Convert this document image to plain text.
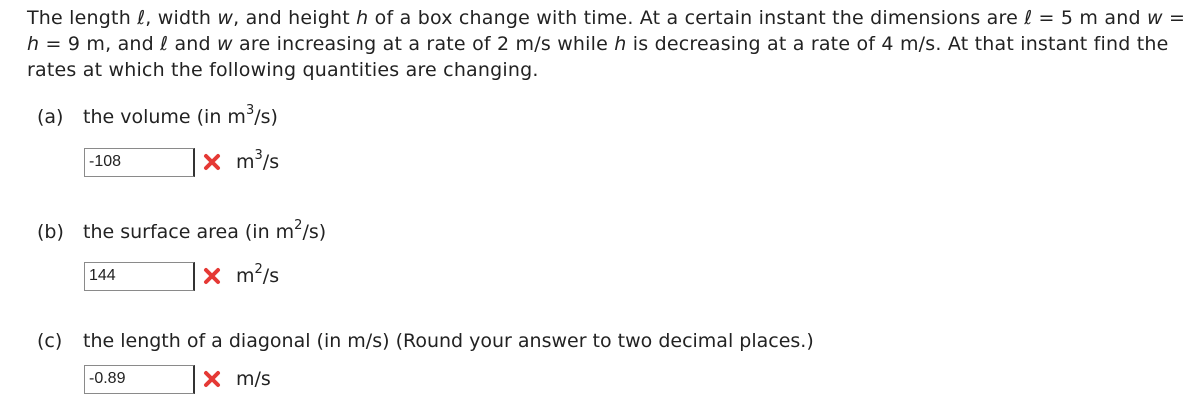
The length ℓ, width w, and height h of a box change with time. At a certain instant the dimensions are ℓ = 5 m and w = h = 9 m, and ℓ and w are increasing at a rate of 2 m/s while h is decreasing at a rate of 4 m/s. At that instant find the rates at which the following quantities are changing.
(a) the volume (in $m^3/s$)
-108
$m^3/s$
(b) the surface area (in $m^2/s$)
144
$m^2/s$
(c) the length of a diagonal (in m/s) (Round your answer to two decimal places.)
-0.89
m/s
